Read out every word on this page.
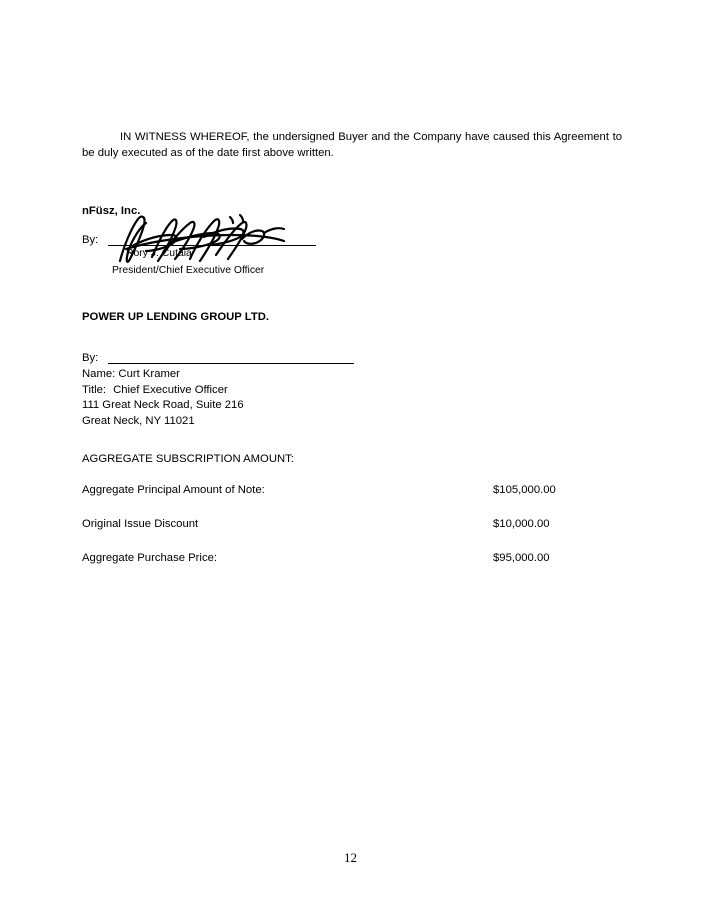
IN WITNESS WHEREOF, the undersigned Buyer and the Company have caused this Agreement to be duly executed as of the date first above written.

nFüsz, Inc.
By:
Rory J. Cutaia
President/Chief Executive Officer
POWER UP LENDING GROUP LTD.
By:
Name: Curt Kramer
Title: Chief Executive Officer
111 Great Neck Road, Suite 216
Great Neck, NY 11021
AGGREGATE SUBSCRIPTION AMOUNT:
Aggregate Principal Amount of Note:	$105,000.00
Original Issue Discount	$10,000.00
Aggregate Purchase Price:	$95,000.00
12
